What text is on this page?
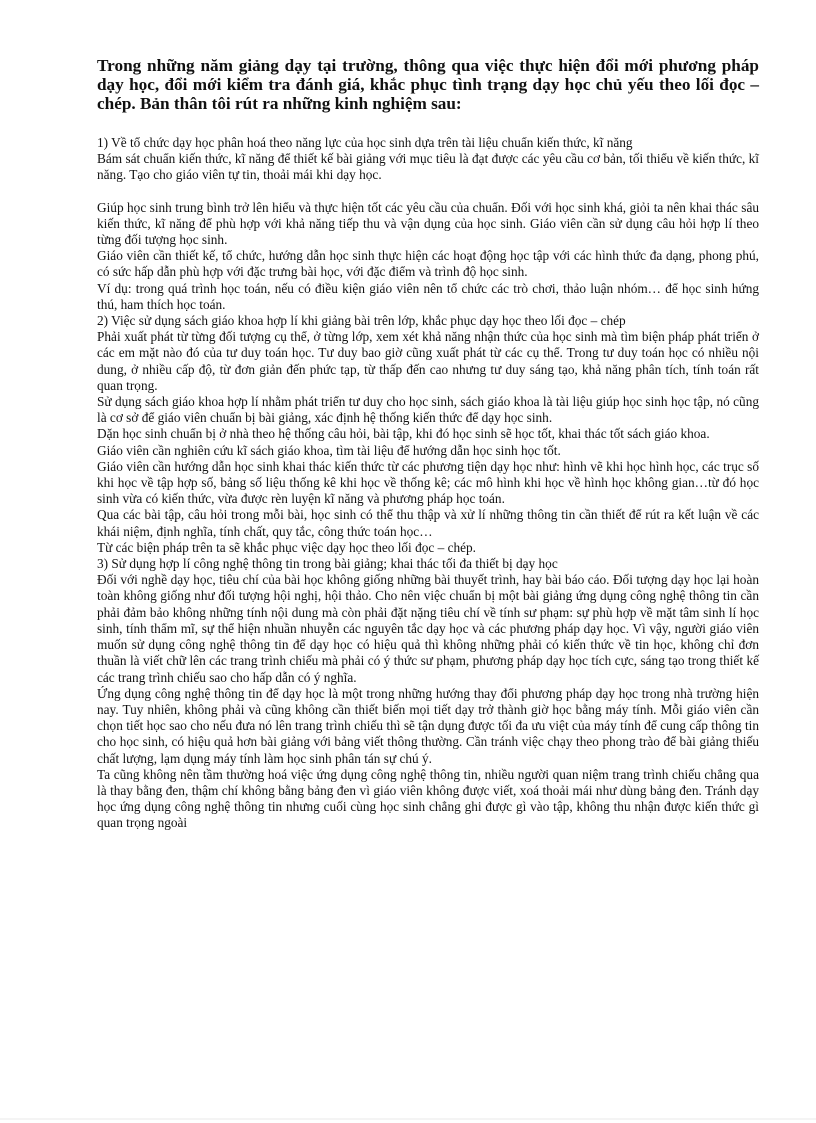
Trong những năm giảng dạy tại trường, thông qua việc thực hiện đổi mới phương pháp dạy học, đổi mới kiểm tra đánh giá, khắc phục tình trạng dạy học chủ yếu theo lối đọc – chép. Bản thân tôi rút ra những kinh nghiệm sau:

1) Về tổ chức dạy học phân hoá theo năng lực của học sinh dựa trên tài liệu chuẩn kiến thức, kĩ năng

Bám sát chuẩn kiến thức, kĩ năng để thiết kế bài giảng với mục tiêu là đạt được các yêu cầu cơ bản, tối thiểu về kiến thức, kĩ năng. Tạo cho giáo viên tự tin, thoải mái khi dạy học.

Giúp học sinh trung bình trở lên hiểu và thực hiện tốt các yêu cầu của chuẩn. Đối với học sinh khá, giỏi ta nên khai thác sâu kiến thức, kĩ năng để phù hợp với khả năng tiếp thu và vận dụng của học sinh. Giáo viên cần sử dụng câu hỏi hợp lí theo từng đối tượng học sinh.

Giáo viên cần thiết kế, tổ chức, hướng dẫn học sinh thực hiện các hoạt động học tập với các hình thức đa dạng, phong phú, có sức hấp dẫn phù hợp với đặc trưng bài học, với đặc điểm và trình độ học sinh.

Ví dụ: trong quá trình học toán, nếu có điều kiện giáo viên nên tổ chức các trò chơi, thảo luận nhóm… để học sinh hứng thú, ham thích học toán.

2) Việc sử dụng sách giáo khoa hợp lí khi giảng bài trên lớp, khắc phục dạy học theo lối đọc – chép

Phải xuất phát từ từng đối tượng cụ thể, ở từng lớp, xem xét khả năng nhận thức của học sinh mà tìm biện pháp phát triển ở các em mặt nào đó của tư duy toán học. Tư duy bao giờ cũng xuất phát từ các cụ thể. Trong tư duy toán học có nhiều nội dung, ở nhiều cấp độ, từ đơn giản đến phức tạp, từ thấp đến cao nhưng tư duy sáng tạo, khả năng phân tích, tính toán rất quan trọng.

Sử dụng sách giáo khoa hợp lí nhằm phát triển tư duy cho học sinh, sách giáo khoa là tài liệu giúp học sinh học tập, nó cũng là cơ sở để giáo viên chuẩn bị bài giảng, xác định hệ thống kiến thức để dạy học sinh.

Dặn học sinh chuẩn bị ở nhà theo hệ thống câu hỏi, bài tập, khi đó học sinh sẽ học tốt, khai thác tốt sách giáo khoa.

Giáo viên cần nghiên cứu kĩ sách giáo khoa, tìm tài liệu để hướng dẫn học sinh học tốt.

Giáo viên cần hướng dẫn học sinh khai thác kiến thức từ các phương tiện dạy học như: hình vẽ khi học hình học, các trục số khi học về tập hợp số, bảng số liệu thống kê khi học về thống kê; các mô hình khi học về hình học không gian…từ đó học sinh vừa có kiến thức, vừa được rèn luyện kĩ năng và phương pháp học toán.

Qua các bài tập, câu hỏi trong mỗi bài, học sinh có thể thu thập và xử lí những thông tin cần thiết để rút ra kết luận về các khái niệm, định nghĩa, tính chất, quy tắc, công thức toán học…

Từ các biện pháp trên ta sẽ khắc phục việc dạy học theo lối đọc – chép.

3) Sử dụng hợp lí công nghệ thông tin trong bài giảng; khai thác tối đa thiết bị dạy học

Đối với nghề dạy học, tiêu chí của bài học không giống những bài thuyết trình, hay bài báo cáo. Đối tượng dạy học lại hoàn toàn không giống như đối tượng hội nghị, hội thảo. Cho nên việc chuẩn bị một bài giảng ứng dụng công nghệ thông tin cần phải đảm bảo không những tính nội dung mà còn phải đặt nặng tiêu chí về tính sư phạm: sự phù hợp về mặt tâm sinh lí học sinh, tính thẩm mĩ, sự thể hiện nhuần nhuyễn các nguyên tắc dạy học và các phương pháp dạy học. Vì vậy, người giáo viên muốn sử dụng công nghệ thông tin để dạy học có hiệu quả thì không những phải có kiến thức về tin học, không chỉ đơn thuần là viết chữ lên các trang trình chiếu mà phải có ý thức sư phạm, phương pháp dạy học tích cực, sáng tạo trong thiết kế các trang trình chiếu sao cho hấp dẫn có ý nghĩa.

Ứng dụng công nghệ thông tin để dạy học là một trong những hướng thay đổi phương pháp dạy học trong nhà trường hiện nay. Tuy nhiên, không phải và cũng không cần thiết biến mọi tiết dạy trở thành giờ học bằng máy tính. Mỗi giáo viên cần chọn tiết học sao cho nếu đưa nó lên trang trình chiếu thì sẽ tận dụng được tối đa ưu việt của máy tính để cung cấp thông tin cho học sinh, có hiệu quả hơn bài giảng với bảng viết thông thường. Cần tránh việc chạy theo phong trào để bài giảng thiếu chất lượng, lạm dụng máy tính làm học sinh phân tán sự chú ý.

Ta cũng không nên tầm thường hoá việc ứng dụng công nghệ thông tin, nhiều người quan niệm trang trình chiếu chẳng qua là thay bằng đen, thậm chí không bằng bảng đen vì giáo viên không được viết, xoá thoải mái như dùng bảng đen. Tránh dạy học ứng dụng công nghệ thông tin nhưng cuối cùng học sinh chẳng ghi được gì vào tập, không thu nhận được kiến thức gì quan trọng ngoài
